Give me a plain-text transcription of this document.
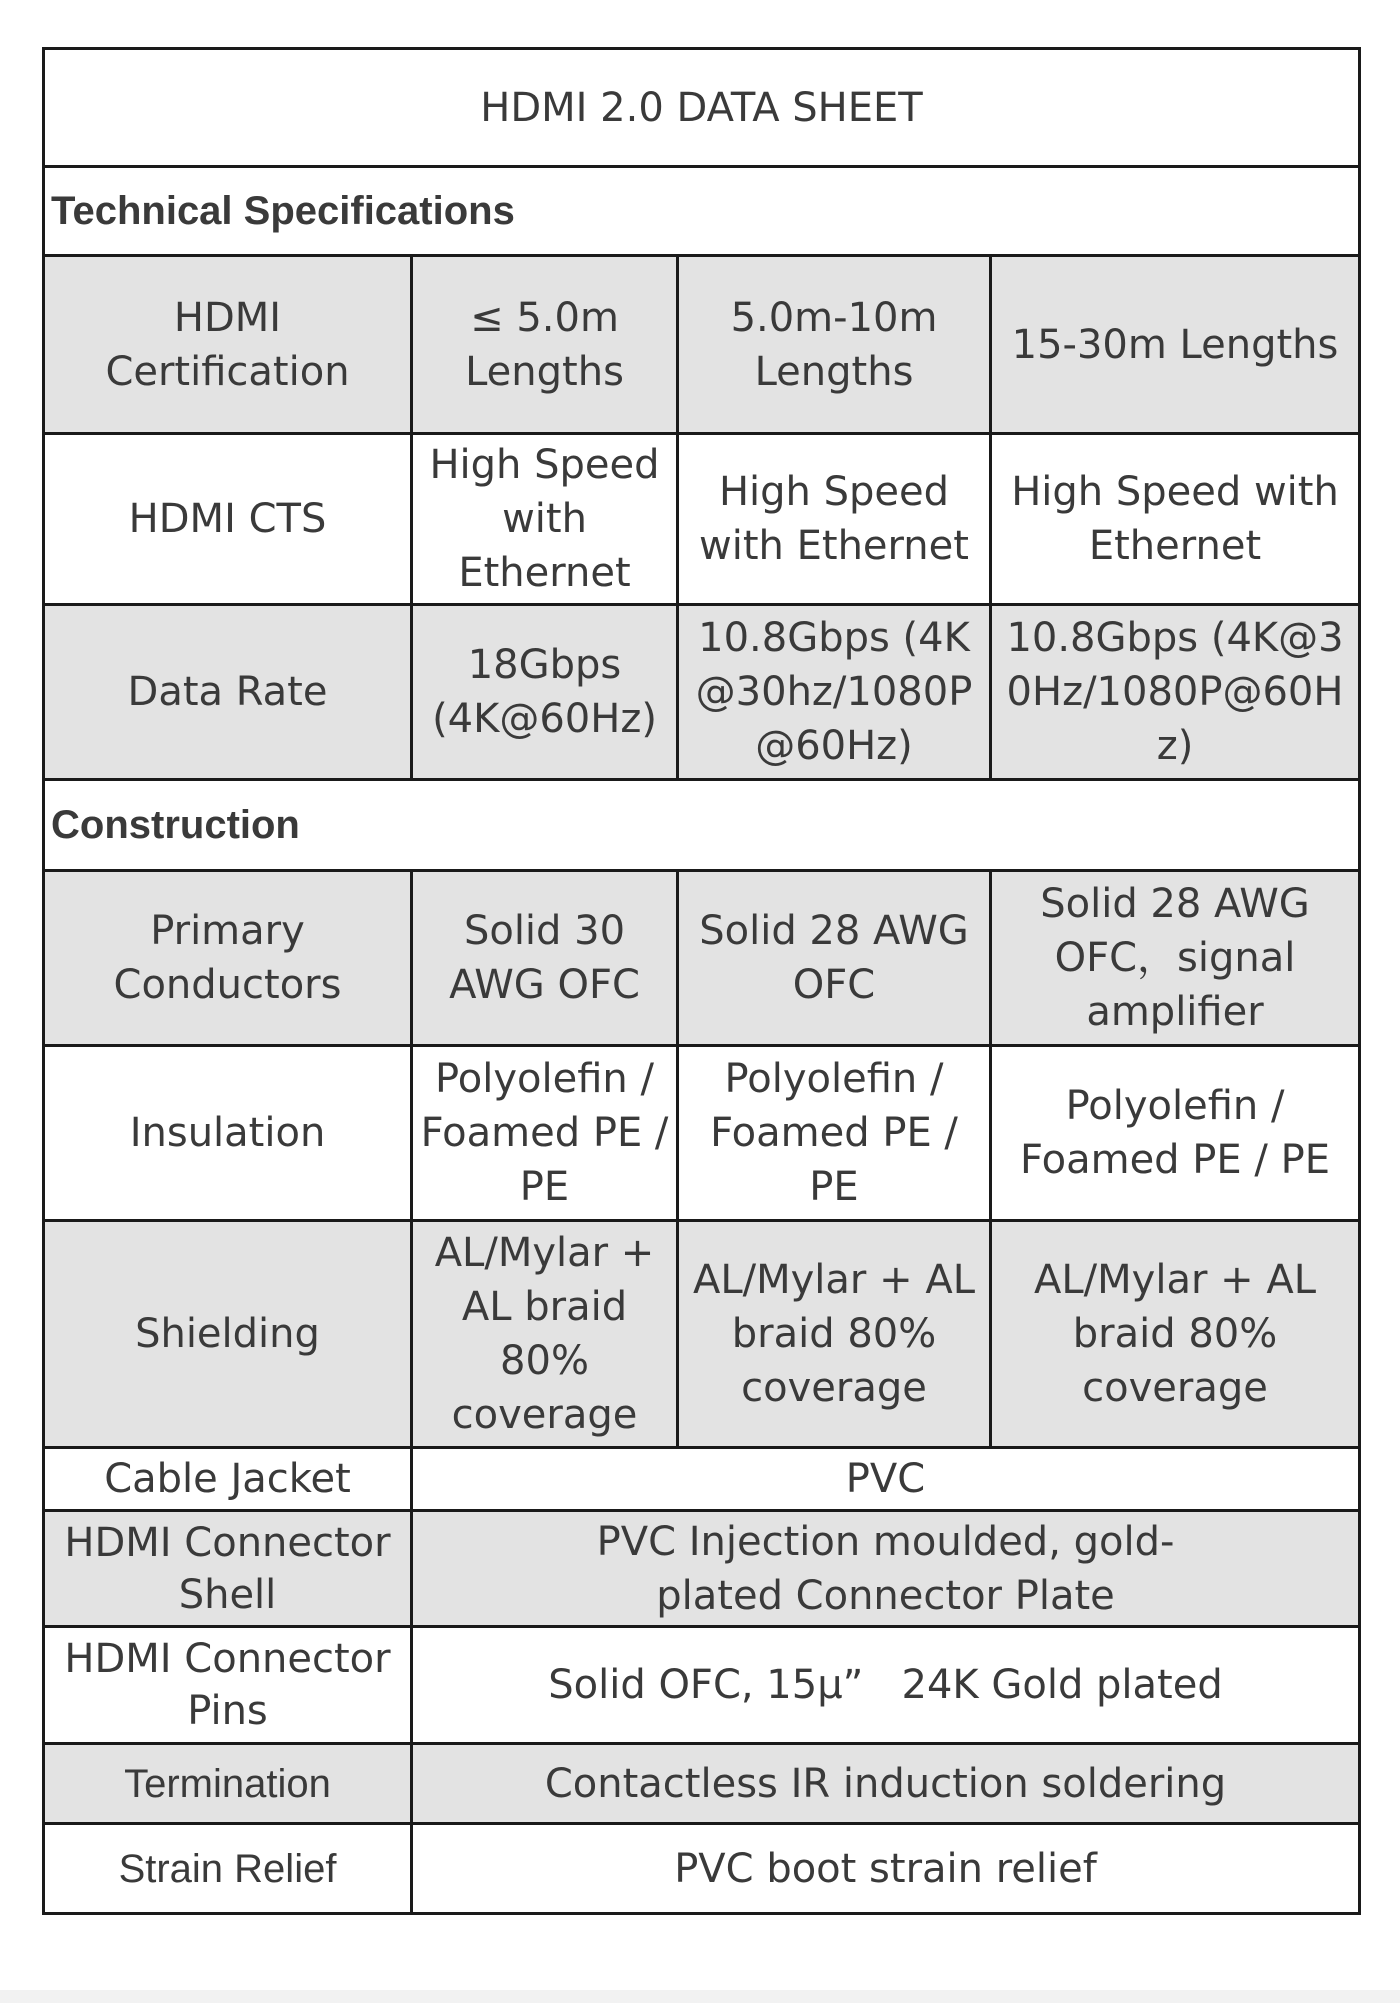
HDMI 2.0 DATA SHEET			
Technical Specifications			
HDMI Certification	≤ 5.0m Lengths	5.0m-10m Lengths	15-30m Lengths
HDMI CTS	High Speed with Ethernet	High Speed with Ethernet	High Speed with Ethernet
Data Rate	18Gbps (4K@60Hz)	10.8Gbps (4K@30hz/1080P@60Hz)	10.8Gbps (4K@30Hz/1080P@60Hz)
Construction			
Primary Conductors	Solid 30 AWG OFC	Solid 28 AWG OFC	Solid 28 AWG OFC，signal amplifier
Insulation	Polyolefin / Foamed PE / PE	Polyolefin / Foamed PE / PE	Polyolefin / Foamed PE / PE
Shielding	AL/Mylar + AL braid 80% coverage	AL/Mylar + AL braid 80% coverage	AL/Mylar + AL braid 80% coverage
Cable Jacket	PVC		
HDMI Connector Shell	PVC Injection moulded, gold-plated Connector Plate		
HDMI Connector Pins	Solid OFC, 15μ”   24K Gold plated		
Termination	Contactless IR induction soldering		
Strain Relief	PVC boot strain relief		
